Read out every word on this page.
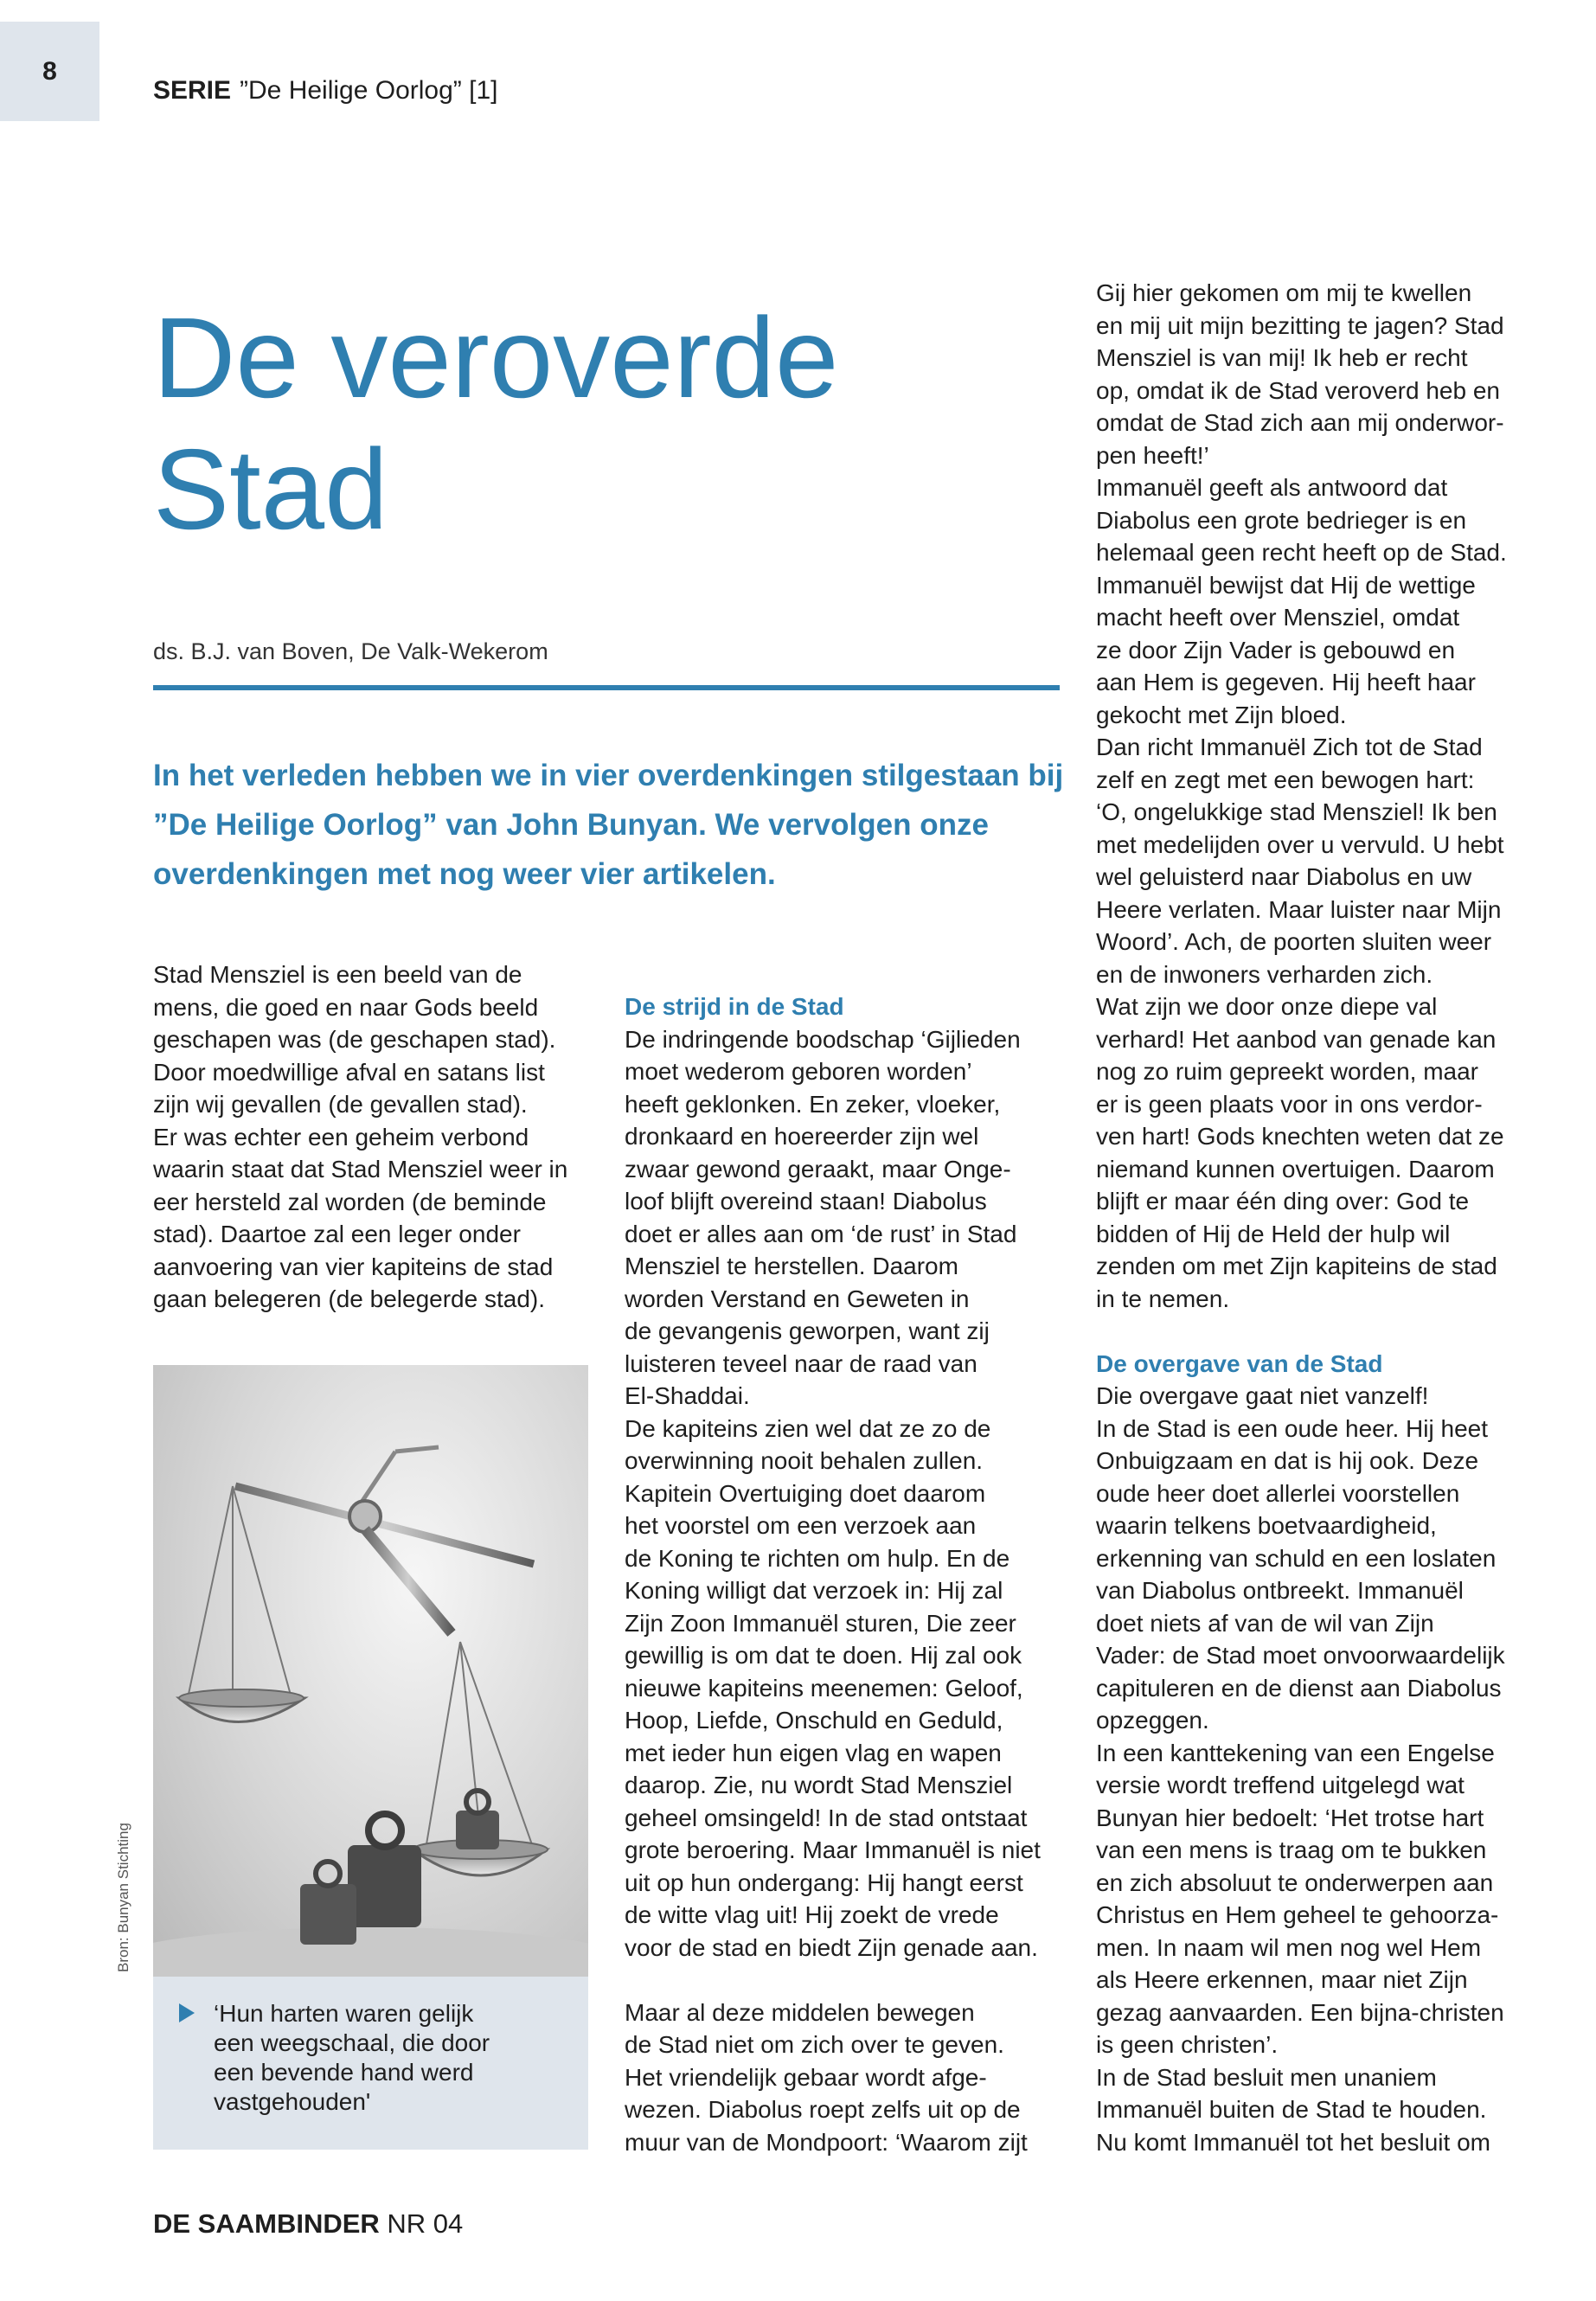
8
SERIE ”De Heilige Oorlog” [1]
De veroverde
Stad
ds. B.J. van Boven, De Valk-Wekerom
In het verleden hebben we in vier overdenkingen stilgestaan bij ”De Heilige Oorlog” van John Bunyan. We vervolgen onze overdenkingen met nog weer vier artikelen.
Stad Mensziel is een beeld van de
mens, die goed en naar Gods beeld
geschapen was (de geschapen stad).
Door moedwillige afval en satans list
zijn wij gevallen (de gevallen stad).
Er was echter een geheim verbond
waarin staat dat Stad Mensziel weer in
eer hersteld zal worden (de beminde
stad). Daartoe zal een leger onder
aanvoering van vier kapiteins de stad
gaan belegeren (de belegerde stad).
Bron: Bunyan Stichting
‘Hun harten waren gelijk
een weegschaal, die door
een bevende hand werd
vastgehouden'
De strijd in de Stad
De indringende boodschap ‘Gijlieden
moet wederom geboren worden’
heeft geklonken. En zeker, vloeker,
dronkaard en hoereerder zijn wel
zwaar gewond geraakt, maar Onge-
loof blijft overeind staan! Diabolus
doet er alles aan om ‘de rust’ in Stad
Mensziel te herstellen. Daarom
worden Verstand en Geweten in
de gevangenis geworpen, want zij
luisteren teveel naar de raad van
El-Shaddai.
De kapiteins zien wel dat ze zo de
overwinning nooit behalen zullen.
Kapitein Overtuiging doet daarom
het voorstel om een verzoek aan
de Koning te richten om hulp. En de
Koning willigt dat verzoek in: Hij zal
Zijn Zoon Immanuël sturen, Die zeer
gewillig is om dat te doen. Hij zal ook
nieuwe kapiteins meenemen: Geloof,
Hoop, Liefde, Onschuld en Geduld,
met ieder hun eigen vlag en wapen
daarop. Zie, nu wordt Stad Mensziel
geheel omsingeld! In de stad ontstaat
grote beroering. Maar Immanuël is niet
uit op hun ondergang: Hij hangt eerst
de witte vlag uit! Hij zoekt de vrede
voor de stad en biedt Zijn genade aan.
Maar al deze middelen bewegen
de Stad niet om zich over te geven.
Het vriendelijk gebaar wordt afge-
wezen. Diabolus roept zelfs uit op de
muur van de Mondpoort: ‘Waarom zijt
Gij hier gekomen om mij te kwellen
en mij uit mijn bezitting te jagen? Stad
Mensziel is van mij! Ik heb er recht
op, omdat ik de Stad veroverd heb en
omdat de Stad zich aan mij onderwor-
pen heeft!’
Immanuël geeft als antwoord dat
Diabolus een grote bedrieger is en
helemaal geen recht heeft op de Stad.
Immanuël bewijst dat Hij de wettige
macht heeft over Mensziel, omdat
ze door Zijn Vader is gebouwd en
aan Hem is gegeven. Hij heeft haar
gekocht met Zijn bloed.
Dan richt Immanuël Zich tot de Stad
zelf en zegt met een bewogen hart:
‘O, ongelukkige stad Mensziel! Ik ben
met medelijden over u vervuld. U hebt
wel geluisterd naar Diabolus en uw
Heere verlaten. Maar luister naar Mijn
Woord’. Ach, de poorten sluiten weer
en de inwoners verharden zich.
Wat zijn we door onze diepe val
verhard! Het aanbod van genade kan
nog zo ruim gepreekt worden, maar
er is geen plaats voor in ons verdor-
ven hart! Gods knechten weten dat ze
niemand kunnen overtuigen. Daarom
blijft er maar één ding over: God te
bidden of Hij de Held der hulp wil
zenden om met Zijn kapiteins de stad
in te nemen.
De overgave van de Stad
Die overgave gaat niet vanzelf!
In de Stad is een oude heer. Hij heet
Onbuigzaam en dat is hij ook. Deze
oude heer doet allerlei voorstellen
waarin telkens boetvaardigheid,
erkenning van schuld en een loslaten
van Diabolus ontbreekt. Immanuël
doet niets af van de wil van Zijn
Vader: de Stad moet onvoorwaardelijk
capituleren en de dienst aan Diabolus
opzeggen.
In een kanttekening van een Engelse
versie wordt treffend uitgelegd wat
Bunyan hier bedoelt: ‘Het trotse hart
van een mens is traag om te bukken
en zich absoluut te onderwerpen aan
Christus en Hem geheel te gehoorza-
men. In naam wil men nog wel Hem
als Heere erkennen, maar niet Zijn
gezag aanvaarden. Een bijna-christen
is geen christen’.
In de Stad besluit men unaniem
Immanuël buiten de Stad te houden.
Nu komt Immanuël tot het besluit om
DE SAAMBINDER NR 04
